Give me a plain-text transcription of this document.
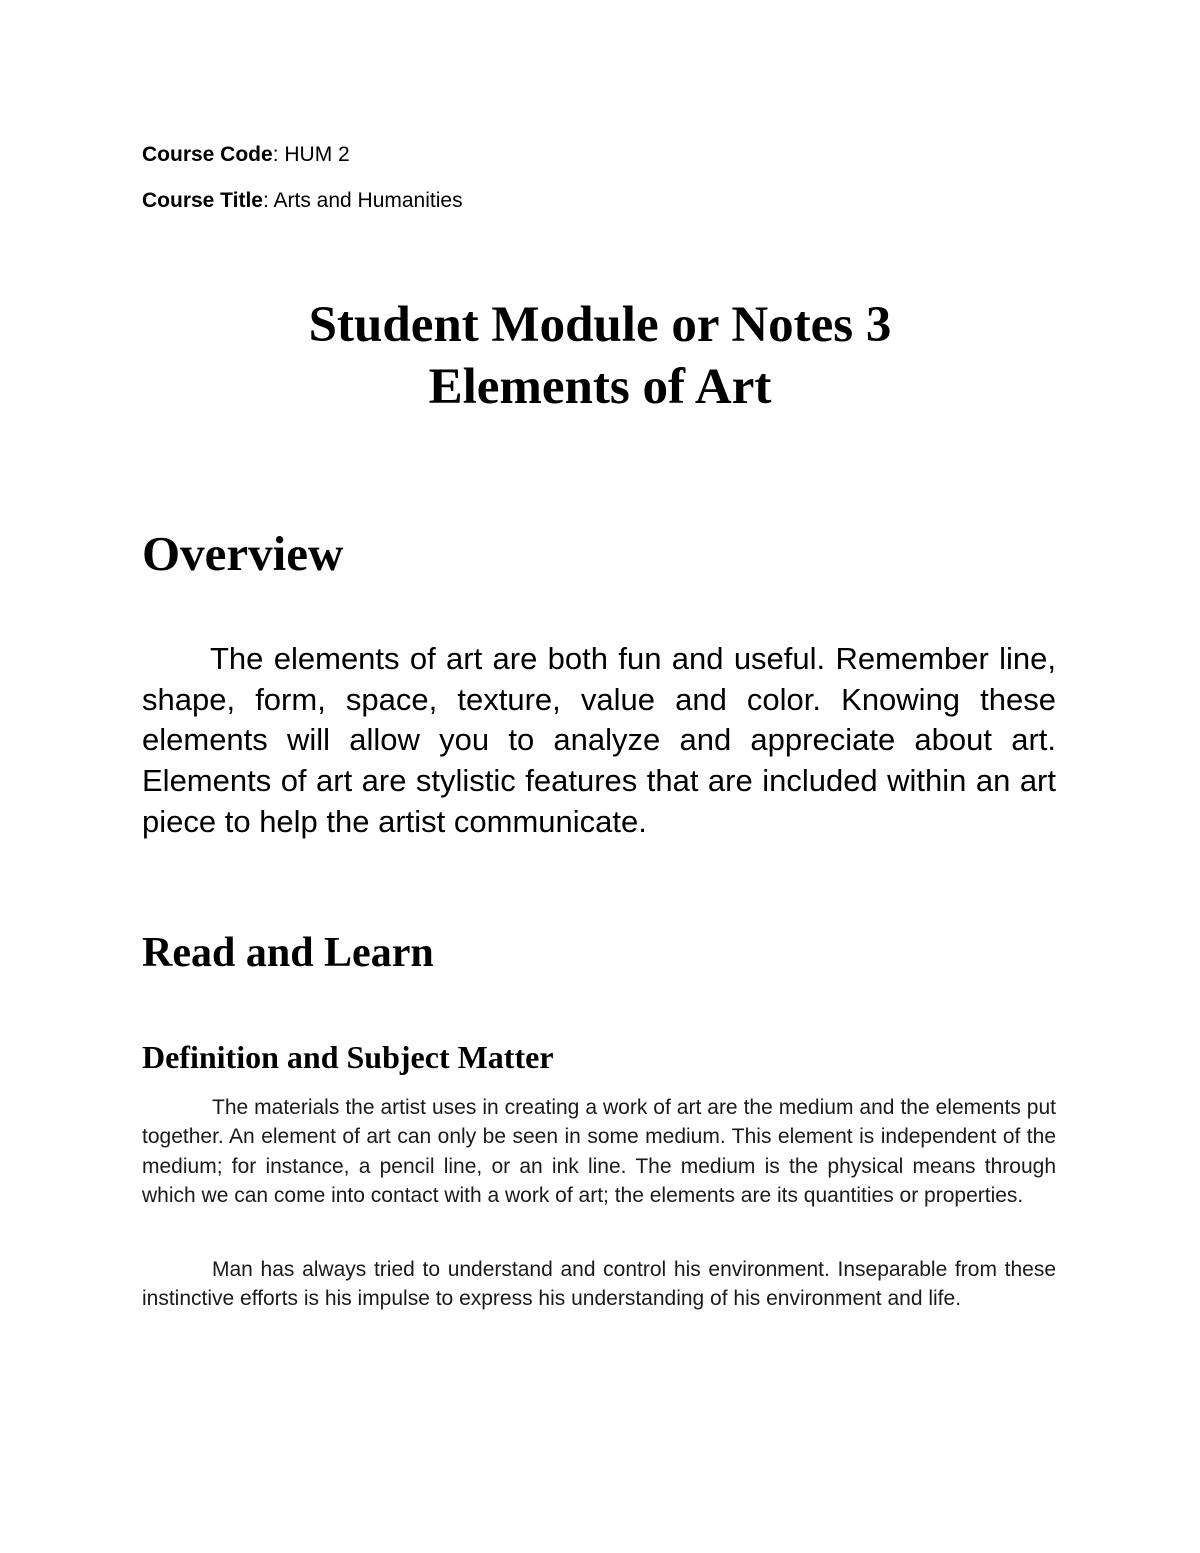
Course Code: HUM 2
Course Title: Arts and Humanities
Student Module or Notes 3
Elements of Art
Overview

The elements of art are both fun and useful. Remember line, shape, form, space, texture, value and color. Knowing these elements will allow you to analyze and appreciate about art. Elements of art are stylistic features that are included within an art piece to help the artist communicate.

Read and Learn
Definition and Subject Matter

The materials the artist uses in creating a work of art are the medium and the elements put together. An element of art can only be seen in some medium. This element is independent of the medium; for instance, a pencil line, or an ink line. The medium is the physical means through which we can come into contact with a work of art; the elements are its quantities or properties.

Man has always tried to understand and control his environment. Inseparable from these instinctive efforts is his impulse to express his understanding of his environment and life.
